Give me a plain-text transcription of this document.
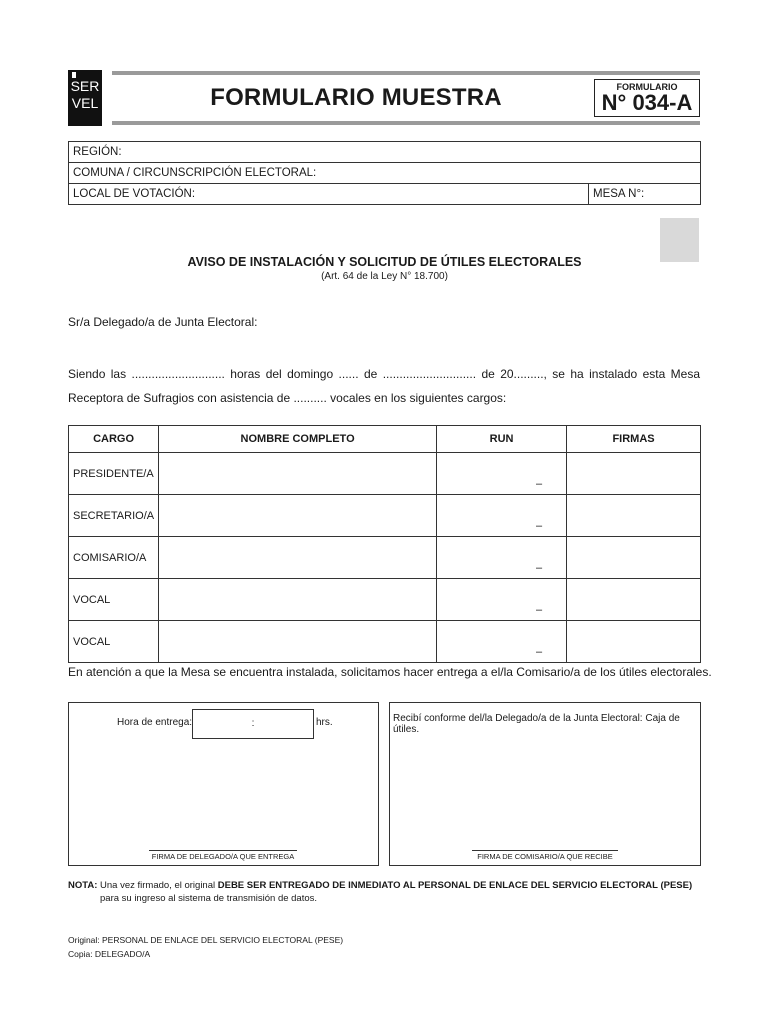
SER
VEL	FORMULARIO MUESTRA	FORMULARIO
N° 034-A
REGIÓN:
COMUNA / CIRCUNSCRIPCIÓN ELECTORAL:
LOCAL DE VOTACIÓN:	MESA N°:
AVISO DE INSTALACIÓN Y SOLICITUD DE ÚTILES ELECTORALES
(Art. 64 de la Ley N° 18.700)
Sr/a Delegado/a de Junta Electoral:
Siendo las ............................ horas del domingo ...... de ............................ de 20........., se ha instalado esta Mesa Receptora de Sufragios con asistencia de .......... vocales en los siguientes cargos:
CARGO	NOMBRE COMPLETO	RUN	FIRMAS
PRESIDENTE/A		–	
SECRETARIO/A		–	
COMISARIO/A		–	
VOCAL		–	
VOCAL		–	
En atención a que la Mesa se encuentra instalada, solicitamos hacer entrega a el/la Comisario/a de los útiles electorales.
Hora de entrega:	:	hrs.
FIRMA DE DELEGADO/A QUE ENTREGA
Recibí conforme del/la Delegado/a de la Junta Electoral: Caja de útiles.
FIRMA DE COMISARIO/A QUE RECIBE
NOTA: Una vez firmado, el original DEBE SER ENTREGADO DE INMEDIATO AL PERSONAL DE ENLACE DEL SERVICIO ELECTORAL (PESE) para su ingreso al sistema de transmisión de datos.
Original: PERSONAL DE ENLACE DEL SERVICIO ELECTORAL (PESE)
Copia: DELEGADO/A
